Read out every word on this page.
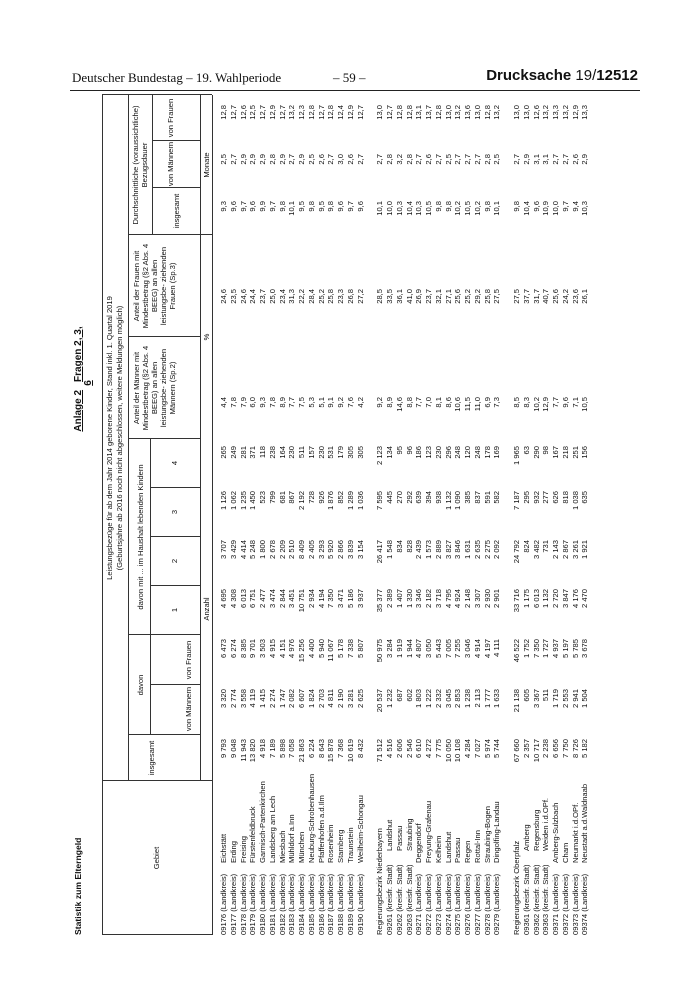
Deutscher Bundestag – 19. Wahlperiode	– 59 –	Drucksache 19/12512
Statistik zum Elterngeld
Anlage 2Fragen 2, 3, 6 Leistungsbezüge für ab dem Jahr 2014 geborene Kinder, Stand inkl. 1. Quartal 2019 (Geburtsjahre ab 2016 noch nicht abgeschlossen, weitere Meldungen möglich)
Gebiet
insgesamt
davon
von Männern
von Frauen
davon mit ... im Haushalt lebenden Kindern
1
2
3
4
Anzahl
Anteil der Männer mit Mindestbetrag (§2 Abs. 4 BEEG) an allen leistungsbe- ziehenden Männern (Sp.2)
Anteil der Frauen mit Mindestbetrag (§2 Abs. 4 BEEG) an allen leistungsbe- ziehenden Frauen (Sp.3)
%
Durchschnittliche (voraussichtliche) Bezugsdauer
insgesamt
von Männern
von Frauen
Monate
09176 (Landkreis)
Eichstätt
9 793
3 320
6 473
4 695
3 707
1 126
265
4,4
24,6
9,3
2,5
12,8
09177 (Landkreis)
Erding
9 048
2 774
6 274
4 308
3 429
1 062
249
7,8
23,5
9,6
2,7
12,7
09178 (Landkreis)
Freising
11 943
3 558
8 385
6 013
4 414
1 235
281
7,9
24,6
9,7
2,9
12,6
09179 (Landkreis)
Fürstenfeldbruck
13 820
4 119
9 701
6 751
5 248
1 450
371
6,0
24,4
9,6
2,9
12,5
09180 (Landkreis)
Garmisch-Partenkirchen
4 918
1 415
3 503
2 477
1 800
523
118
9,3
23,7
9,9
2,9
12,7
09181 (Landkreis)
Landsberg am Lech
7 189
2 274
4 915
3 474
2 678
799
238
7,8
25,0
9,7
2,8
12,9
09182 (Landkreis)
Miesbach
5 898
1 747
4 151
2 844
2 209
681
164
8,9
23,4
9,8
2,9
12,7
09183 (Landkreis)
Mühldorf a.Inn
7 058
2 082
4 976
3 451
2 510
867
230
7,7
31,3
10,1
2,7
13,2
09184 (Landkreis)
München
21 863
6 607
15 256
10 751
8 409
2 192
511
7,5
22,2
9,5
2,9
12,3
09185 (Landkreis)
Neuburg-Schrobenhausen
6 224
1 824
4 400
2 934
2 405
728
157
5,3
28,4
9,8
2,5
12,8
09186 (Landkreis)
Pfaffenhofen a.d.Ilm
8 643
2 703
5 940
4 194
3 293
926
230
5,1
25,2
9,5
2,6
12,7
09187 (Landkreis)
Rosenheim
15 878
4 811
11 067
7 350
5 920
1 876
531
9,1
25,8
9,8
2,7
12,8
09188 (Landkreis)
Starnberg
7 368
2 190
5 178
3 471
2 866
852
179
9,2
23,3
9,6
3,0
12,4
09189 (Landkreis)
Traunstein
10 619
3 281
7 338
5 186
3 839
1 289
305
7,6
26,8
9,7
2,6
12,9
09190 (Landkreis)
Weilheim-Schongau
8 432
2 625
5 807
3 937
3 154
1 036
305
4,2
27,2
9,6
2,7
12,7
Regierungsbezirk Niederbayern
71 512
20 537
50 975
35 377
26 417
7 595
2 123
9,2
28,5
10,1
2,7
13,0
09261 (kreisfr. Stadt)
Landshut
4 516
1 232
3 284
2 389
1 548
445
134
8,9
33,5
10,0
2,8
12,7
09262 (kreisfr. Stadt)
Passau
2 606
687
1 919
1 407
834
270
95
14,6
36,1
10,3
3,2
12,8
09263 (kreisfr. Stadt)
Straubing
2 546
602
1 944
1 330
828
292
96
8,8
41,0
10,4
2,8
12,8
09271 (Landkreis)
Deggendorf
6 610
1 803
4 807
3 346
2 439
639
186
7,7
26,9
10,3
2,7
13,1
09272 (Landkreis)
Freyung-Grafenau
4 272
1 222
3 050
2 182
1 573
394
123
7,0
23,7
10,5
2,6
13,7
09273 (Landkreis)
Kelheim
7 775
2 332
5 443
3 718
2 889
938
230
8,1
32,1
9,8
2,7
12,8
09274 (Landkreis)
Landshut
10 050
3 045
7 005
4 795
3 827
1 132
296
8,6
27,1
9,8
2,5
13,0
09275 (Landkreis)
Passau
10 108
2 853
7 255
4 924
3 846
1 090
248
10,6
25,6
10,2
2,7
13,2
09276 (Landkreis)
Regen
4 284
1 238
3 046
2 148
1 631
385
120
11,5
25,2
10,5
2,7
13,6
09277 (Landkreis)
Rottal-Inn
7 027
2 113
4 914
3 307
2 635
837
248
11,0
29,2
10,2
2,7
13,0
09278 (Landkreis)
Straubing-Bogen
5 974
1 777
4 197
2 930
2 275
591
178
6,9
25,8
9,8
2,8
12,8
09279 (Landkreis)
Dingolfing-Landau
5 744
1 633
4 111
2 901
2 092
582
169
7,3
27,5
10,1
2,5
13,2
Regierungsbezirk Oberpfalz
67 660
21 138
46 522
33 716
24 792
7 187
1 965
8,5
27,5
9,8
2,7
13,0
09361 (kreisfr. Stadt)
Amberg
2 357
605
1 752
1 175
824
295
63
8,3
37,7
10,4
2,9
13,0
09362 (kreisfr. Stadt)
Regensburg
10 717
3 367
7 350
6 013
3 482
932
290
10,2
31,7
9,6
3,1
12,6
09363 (kreisfr. Stadt)
Weiden i.d.OPf.
2 238
511
1 727
1 132
731
277
98
12,9
40,7
10,9
3,1
13,2
09371 (Landkreis)
Amberg-Sulzbach
6 656
1 719
4 937
2 720
2 143
626
167
7,7
25,6
10,0
2,7
13,3
09372 (Landkreis)
Cham
7 750
2 553
5 197
3 847
2 867
818
218
9,6
24,2
9,7
2,7
13,2
09373 (Landkreis)
Neumarkt i.d.OPf.
8 726
2 941
5 785
4 176
3 261
1 038
251
7,1
23,6
9,4
2,6
12,9
09374 (Landkreis)
Neustadt a.d.Waldnaab
5 182
1 504
3 678
2 470
1 921
635
156
10,5
26,1
10,3
2,9
13,3
